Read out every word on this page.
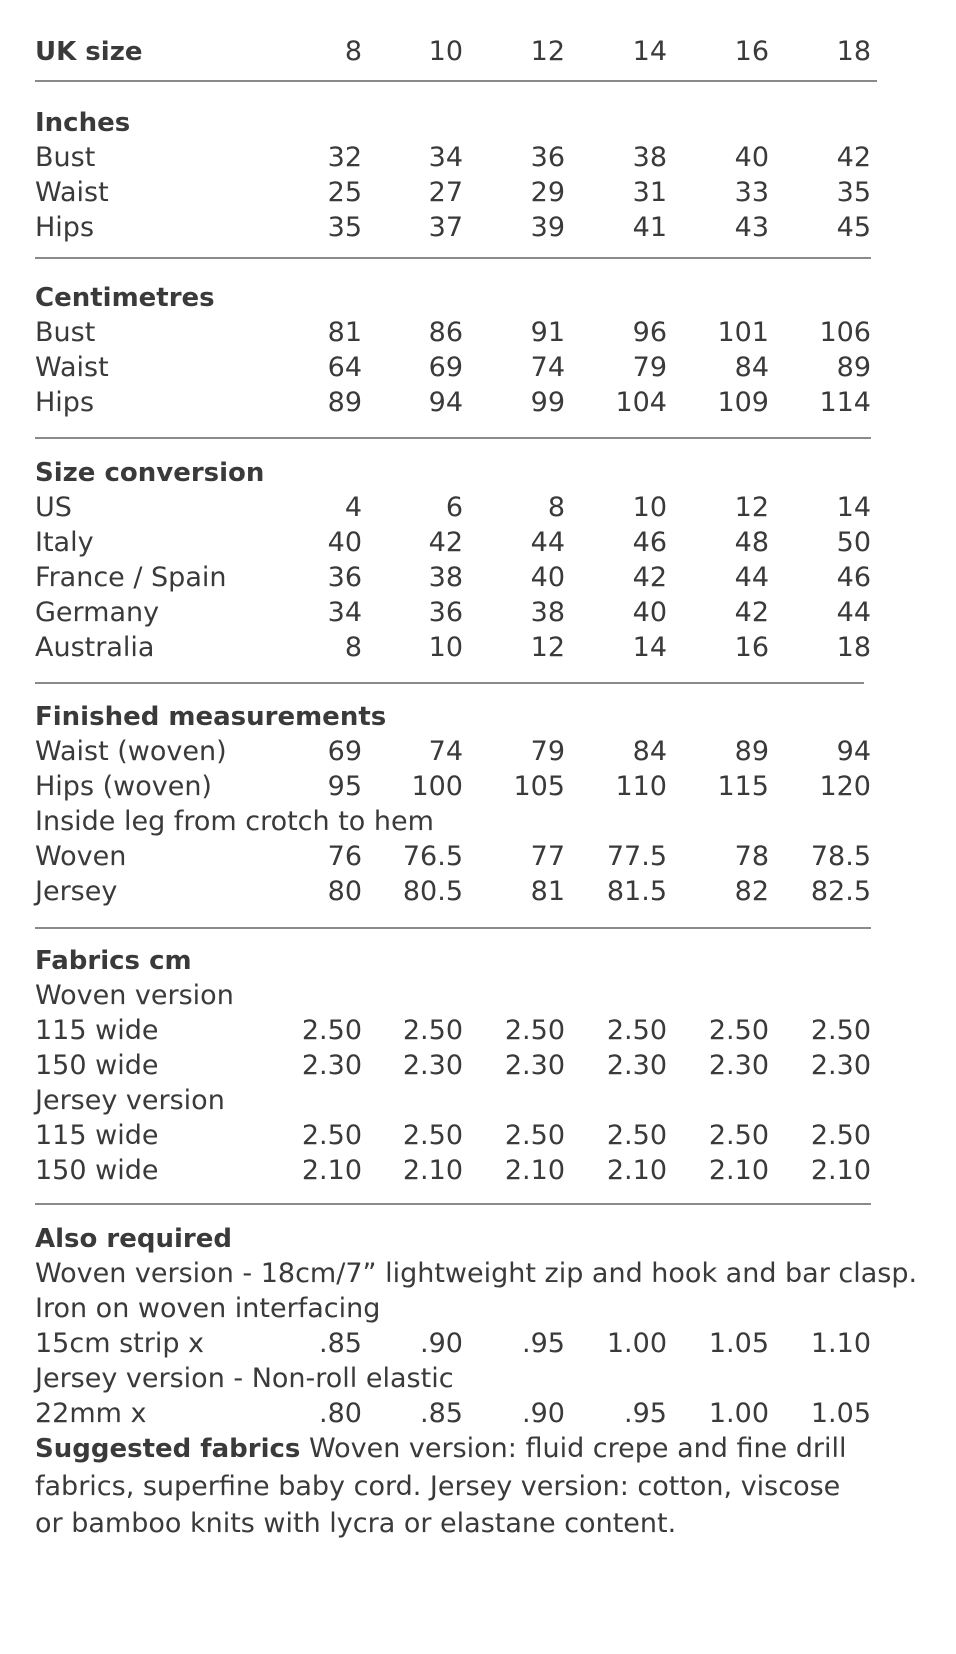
UK size	8	10	12	14	16	18
Inches
Bust	32	34	36	38	40	42
Waist	25	27	29	31	33	35
Hips	35	37	39	41	43	45
Centimetres
Bust	81	86	91	96	101	106
Waist	64	69	74	79	84	89
Hips	89	94	99	104	109	114
Size conversion
US	4	6	8	10	12	14
Italy	40	42	44	46	48	50
France / Spain	36	38	40	42	44	46
Germany	34	36	38	40	42	44
Australia	8	10	12	14	16	18
Finished measurements
Waist (woven)	69	74	79	84	89	94
Hips (woven)	95	100	105	110	115	120
Inside leg from crotch to hem
Woven	76	76.5	77	77.5	78	78.5
Jersey	80	80.5	81	81.5	82	82.5
Fabrics cm
Woven version
115 wide	2.50	2.50	2.50	2.50	2.50	2.50
150 wide	2.30	2.30	2.30	2.30	2.30	2.30
Jersey version
115 wide	2.50	2.50	2.50	2.50	2.50	2.50
150 wide	2.10	2.10	2.10	2.10	2.10	2.10
Also required
Woven version - 18cm/7” lightweight zip and hook and bar clasp.
Iron on woven interfacing
15cm strip x	.85	.90	.95	1.00	1.05	1.10
Jersey version - Non-roll elastic
22mm x	.80	.85	.90	.95	1.00	1.05
Suggested fabrics Woven version: fluid crepe and fine drill
fabrics, superfine baby cord. Jersey version: cotton, viscose
or bamboo knits with lycra or elastane content.
